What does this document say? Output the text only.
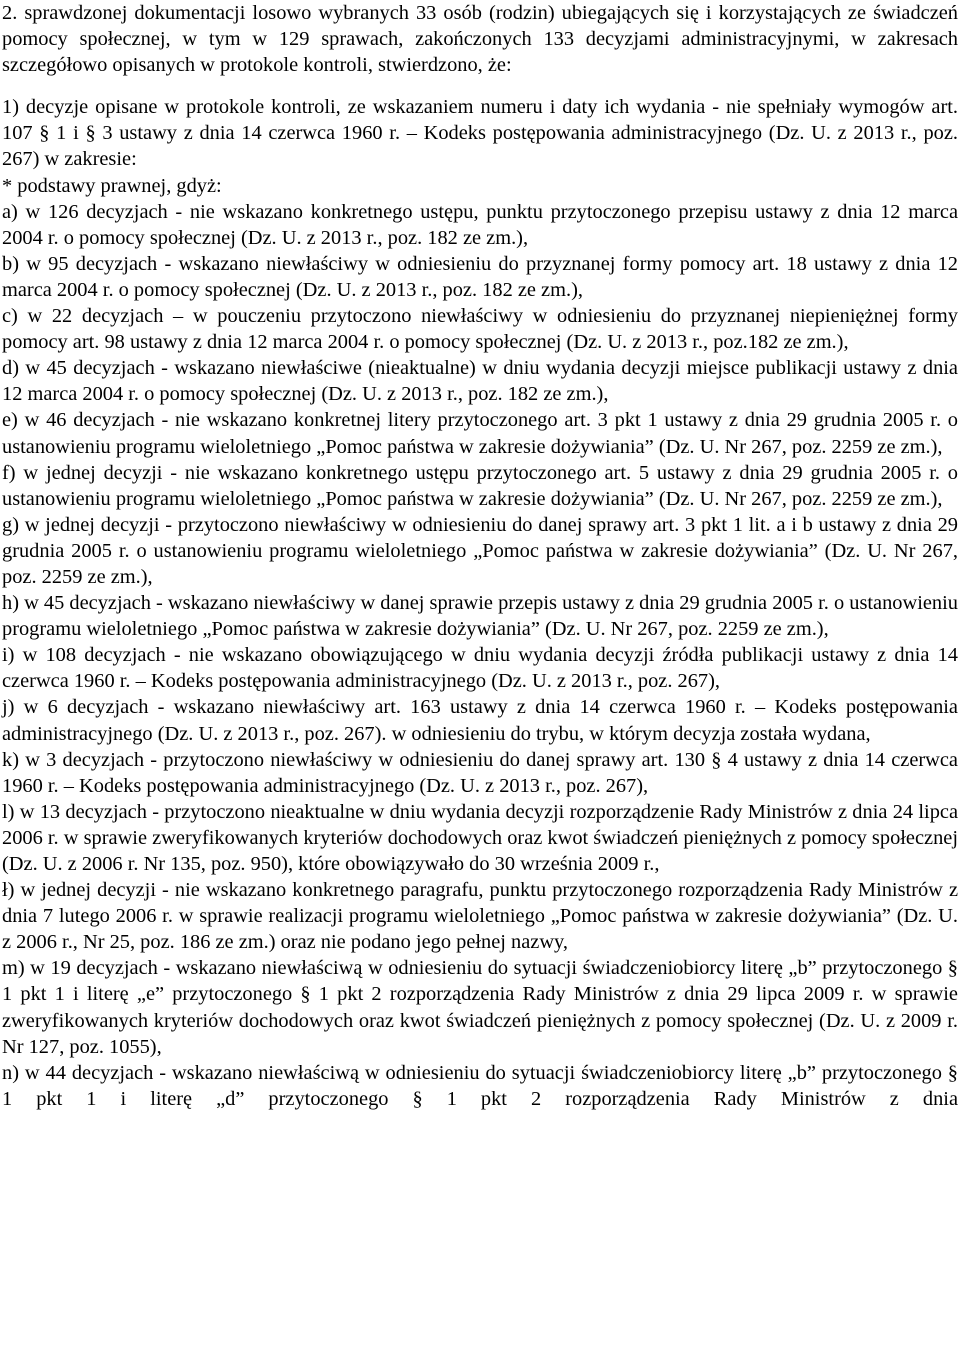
2. sprawdzonej dokumentacji losowo wybranych 33 osób (rodzin) ubiegających się i korzystających ze świadczeń pomocy społecznej, w tym w 129 sprawach, zakończonych 133 decyzjami administracyjnymi, w zakresach szczegółowo opisanych w protokole kontroli, stwierdzono, że:

1) decyzje opisane w protokole kontroli, ze wskazaniem numeru i daty ich wydania - nie spełniały wymogów art. 107 § 1 i § 3 ustawy z dnia 14 czerwca 1960 r. – Kodeks postępowania administracyjnego (Dz. U. z 2013 r., poz. 267) w zakresie:

* podstawy prawnej, gdyż:

a) w 126 decyzjach - nie wskazano konkretnego ustępu, punktu przytoczonego przepisu ustawy z dnia 12 marca 2004 r. o pomocy społecznej (Dz. U. z 2013 r., poz. 182 ze zm.),

b) w 95 decyzjach - wskazano niewłaściwy w odniesieniu do przyznanej formy pomocy art. 18 ustawy z dnia 12 marca 2004 r. o pomocy społecznej (Dz. U. z 2013 r., poz. 182 ze zm.),

c) w 22 decyzjach – w pouczeniu przytoczono niewłaściwy w odniesieniu do przyznanej niepieniężnej formy pomocy art. 98 ustawy z dnia 12 marca 2004 r. o pomocy społecznej (Dz. U. z 2013 r., poz.182 ze zm.),

d) w 45 decyzjach - wskazano niewłaściwe (nieaktualne) w dniu wydania decyzji miejsce publikacji ustawy z dnia 12 marca 2004 r. o pomocy społecznej (Dz. U. z 2013 r., poz. 182 ze zm.),

e) w 46 decyzjach - nie wskazano konkretnej litery przytoczonego art. 3 pkt 1 ustawy z dnia 29 grudnia 2005 r. o ustanowieniu programu wieloletniego „Pomoc państwa w zakresie dożywiania” (Dz. U. Nr 267, poz. 2259 ze zm.),

f) w jednej decyzji - nie wskazano konkretnego ustępu przytoczonego art. 5 ustawy z dnia 29 grudnia 2005 r. o ustanowieniu programu wieloletniego „Pomoc państwa w zakresie dożywiania” (Dz. U. Nr 267, poz. 2259 ze zm.),

g) w jednej decyzji - przytoczono niewłaściwy w odniesieniu do danej sprawy art. 3 pkt 1 lit. a i b ustawy z dnia 29 grudnia 2005 r. o ustanowieniu programu wieloletniego „Pomoc państwa w zakresie dożywiania” (Dz. U. Nr 267, poz. 2259 ze zm.),

h) w 45 decyzjach - wskazano niewłaściwy w danej sprawie przepis ustawy z dnia 29 grudnia 2005 r. o ustanowieniu programu wieloletniego „Pomoc państwa w zakresie dożywiania” (Dz. U. Nr 267, poz. 2259 ze zm.),

i) w 108 decyzjach - nie wskazano obowiązującego w dniu wydania decyzji źródła publikacji ustawy z dnia 14 czerwca 1960 r. – Kodeks postępowania administracyjnego (Dz. U. z 2013 r., poz. 267),

j) w 6 decyzjach - wskazano niewłaściwy art. 163 ustawy z dnia 14 czerwca 1960 r. – Kodeks postępowania administracyjnego (Dz. U. z 2013 r., poz. 267). w odniesieniu do trybu, w którym decyzja została wydana,

k) w 3 decyzjach - przytoczono niewłaściwy w odniesieniu do danej sprawy art. 130 § 4 ustawy z dnia 14 czerwca 1960 r. – Kodeks postępowania administracyjnego (Dz. U. z 2013 r., poz. 267),

l) w 13 decyzjach - przytoczono nieaktualne w dniu wydania decyzji rozporządzenie Rady Ministrów z dnia 24 lipca 2006 r. w sprawie zweryfikowanych kryteriów dochodowych oraz kwot świadczeń pieniężnych z pomocy społecznej (Dz. U. z 2006 r. Nr 135, poz. 950), które obowiązywało do 30 września 2009 r.,

ł) w jednej decyzji - nie wskazano konkretnego paragrafu, punktu przytoczonego rozporządzenia Rady Ministrów z dnia 7 lutego 2006 r. w sprawie realizacji programu wieloletniego „Pomoc państwa w zakresie dożywiania” (Dz. U. z 2006 r., Nr 25, poz. 186 ze zm.) oraz nie podano jego pełnej nazwy,

m) w 19 decyzjach - wskazano niewłaściwą w odniesieniu do sytuacji świadczeniobiorcy literę „b” przytoczonego § 1 pkt 1 i literę „e” przytoczonego § 1 pkt 2 rozporządzenia Rady Ministrów z dnia 29 lipca 2009 r. w sprawie zweryfikowanych kryteriów dochodowych oraz kwot świadczeń pieniężnych z pomocy społecznej (Dz. U. z 2009 r. Nr 127, poz. 1055),

n) w 44 decyzjach - wskazano niewłaściwą w odniesieniu do sytuacji świadczeniobiorcy literę „b” przytoczonego § 1 pkt 1 i literę „d” przytoczonego § 1 pkt 2 rozporządzenia Rady Ministrów z dnia
